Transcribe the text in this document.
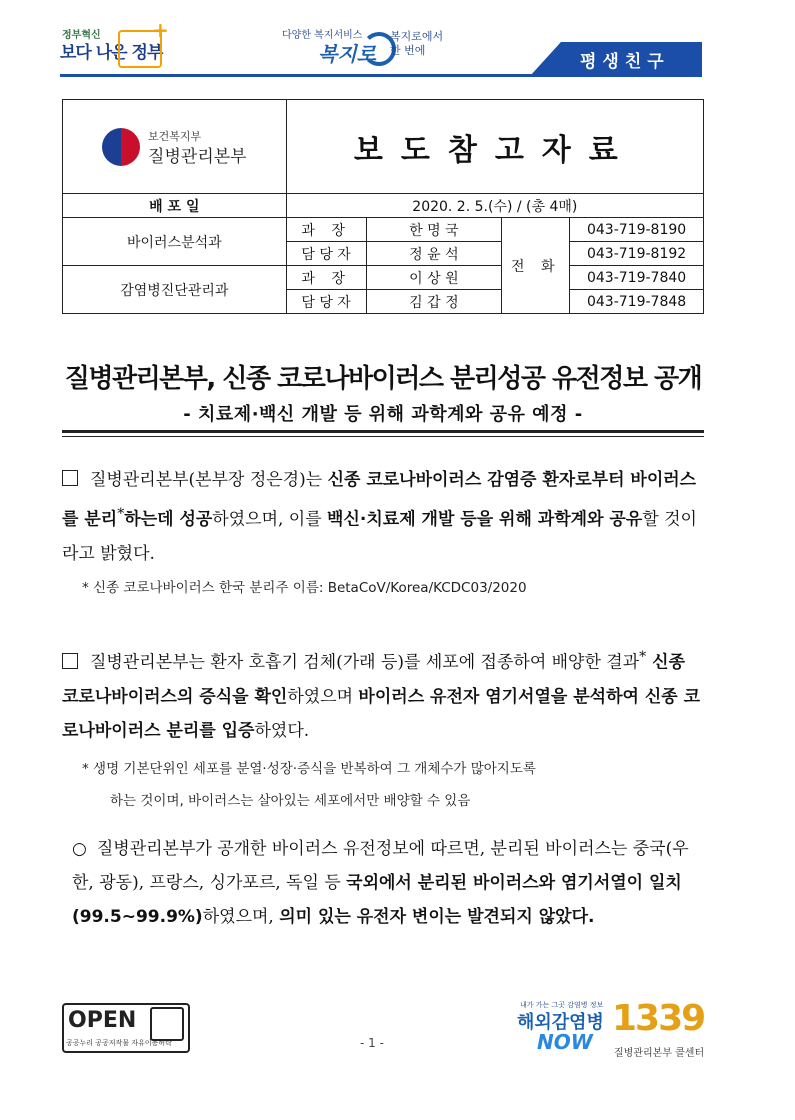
정부혁신
보다 나은 정부
+	다양한 복지서비스
복지로
복지로에서
한 번에
평생친구
보건복지부
질병관리본부	보도참고자료			
배 포 일	2020. 2. 5.(수) / (총 4매)			
바이러스분석과	과 장	한 명 국	전 화	043-719-8190
	담 당 자	정 윤 석		043-719-8192
감염병진단관리과	과 장	이 상 원		043-719-7840
	담 당 자	김 갑 정		043-719-7848
질병관리본부, 신종 코로나바이러스 분리성공 유전정보 공개
- 치료제·백신 개발 등 위해 과학계와 공유 예정 -
질병관리본부(본부장 정은경)는 신종 코로나바이러스 감염증 환자로부터 바이러스를 분리*하는데 성공하였으며, 이를 백신·치료제 개발 등을 위해 과학계와 공유할 것이라고 밝혔다.
* 신종 코로나바이러스 한국 분리주 이름: BetaCoV/Korea/KCDC03/2020
질병관리본부는 환자 호흡기 검체(가래 등)를 세포에 접종하여 배양한 결과* 신종 코로나바이러스의 증식을 확인하였으며 바이러스 유전자 염기서열을 분석하여 신종 코로나바이러스 분리를 입증하였다.
* 생명 기본단위인 세포를 분열·성장·증식을 반복하여 그 개체수가 많아지도록
하는 것이며, 바이러스는 살아있는 세포에서만 배양할 수 있음
○ 질병관리본부가 공개한 바이러스 유전정보에 따르면, 분리된 바이러스는 중국(우한, 광동), 프랑스, 싱가포르, 독일 등 국외에서 분리된 바이러스와 염기서열이 일치(99.5~99.9%)하였으며, 의미 있는 유전자 변이는 발견되지 않았다.
OPEN
공공누리 공공저작물 자유이용허락	- 1 -
내가 가는 그곳 감염병 정보
해외감염병
NOW
1339
질병관리본부 콜센터
